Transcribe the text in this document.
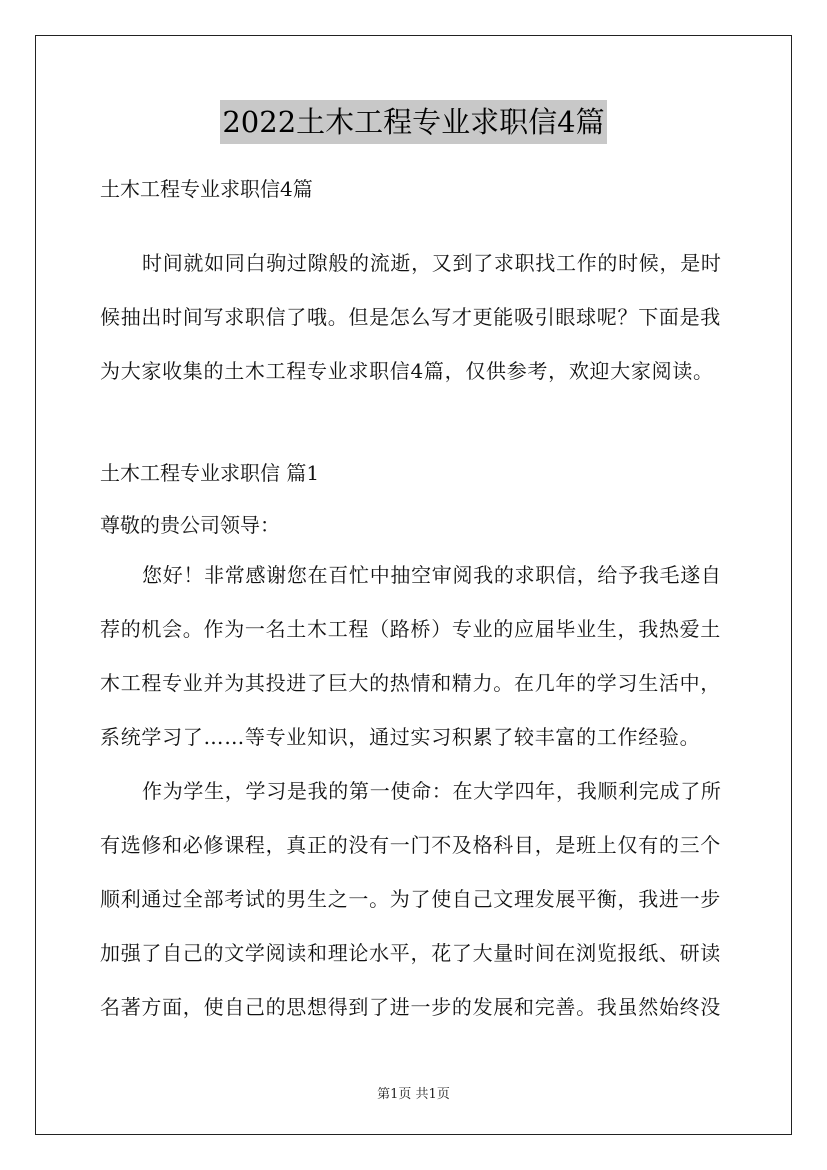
2022土木工程专业求职信4篇

土木工程专业求职信4篇

时间就如同白驹过隙般的流逝，又到了求职找工作的时候，是时
候抽出时间写求职信了哦。但是怎么写才更能吸引眼球呢？下面是我
为大家收集的土木工程专业求职信4篇，仅供参考，欢迎大家阅读。

土木工程专业求职信 篇1

尊敬的贵公司领导：

您好！非常感谢您在百忙中抽空审阅我的求职信，给予我毛遂自
荐的机会。作为一名土木工程（路桥）专业的应届毕业生，我热爱土
木工程专业并为其投进了巨大的热情和精力。在几年的学习生活中，
系统学习了……等专业知识，通过实习积累了较丰富的工作经验。
作为学生，学习是我的第一使命：在大学四年，我顺利完成了所
有选修和必修课程，真正的没有一门不及格科目，是班上仅有的三个
顺利通过全部考试的男生之一。为了使自己文理发展平衡，我进一步
加强了自己的文学阅读和理论水平，花了大量时间在浏览报纸、研读
名著方面，使自己的思想得到了进一步的发展和完善。我虽然始终没
第1页 共1页
